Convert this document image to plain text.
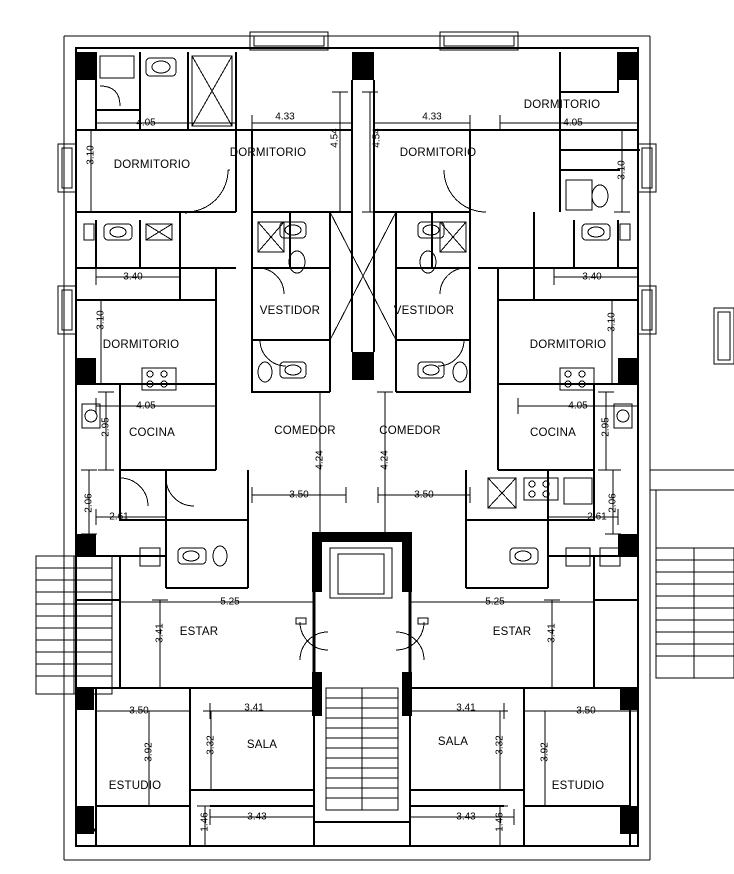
DORMITORIO
DORMITORIO	DORMITORIO
DORMITORIO
DORMITORIO	DORMITORIO
VESTIDOR	VESTIDOR
COCINA	COCINA
COMEDOR	COMEDOR
ESTAR	ESTAR
SALA	SALA
ESTUDIO	ESTUDIO
4.05
4.33
4.54	4.54
4.33
4.05
3.10
3.10
3.40	3.40
3.10	3.10
4.05	4.05
2.95	2.95
4.24	4.24
3.50	3.50
2.06	2.06
2.61	2.61
5.25	5.25
3.41	3.41
3.50	3.41	3.41	3.50
3.92	3.32	3.32	3.92
3.43	3.43
1.46	1.46
